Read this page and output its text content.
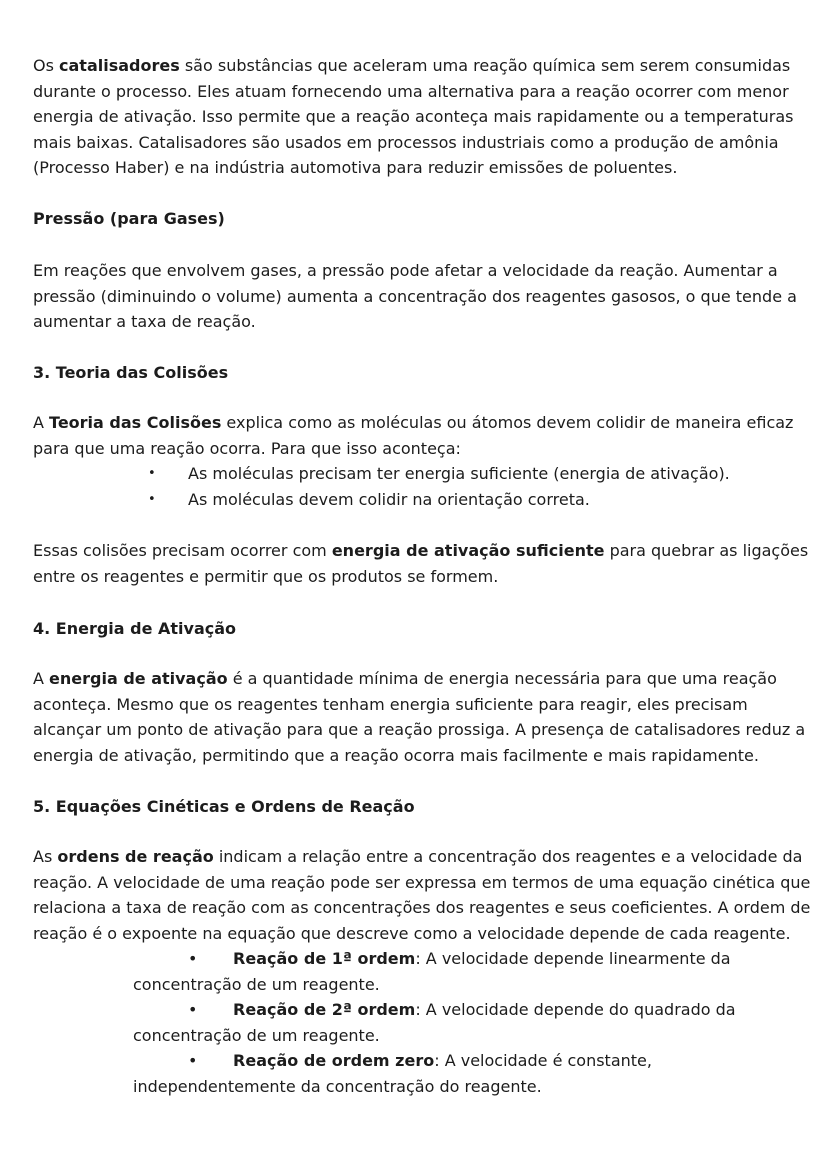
Os catalisadores são substâncias que aceleram uma reação química sem serem consumidas durante o processo. Eles atuam fornecendo uma alternativa para a reação ocorrer com menor energia de ativação. Isso permite que a reação aconteça mais rapidamente ou a temperaturas mais baixas. Catalisadores são usados em processos industriais como a produção de amônia (Processo Haber) e na indústria automotiva para reduzir emissões de poluentes.

Pressão (para Gases)

Em reações que envolvem gases, a pressão pode afetar a velocidade da reação. Aumentar a pressão (diminuindo o volume) aumenta a concentração dos reagentes gasosos, o que tende a aumentar a taxa de reação.

3. Teoria das Colisões

A Teoria das Colisões explica como as moléculas ou átomos devem colidir de maneira eficaz para que uma reação ocorra. Para que isso aconteça:

• As moléculas precisam ter energia suficiente (energia de ativação).
• As moléculas devem colidir na orientação correta.

Essas colisões precisam ocorrer com energia de ativação suficiente para quebrar as ligações entre os reagentes e permitir que os produtos se formem.

4. Energia de Ativação

A energia de ativação é a quantidade mínima de energia necessária para que uma reação aconteça. Mesmo que os reagentes tenham energia suficiente para reagir, eles precisam alcançar um ponto de ativação para que a reação prossiga. A presença de catalisadores reduz a energia de ativação, permitindo que a reação ocorra mais facilmente e mais rapidamente.

5. Equações Cinéticas e Ordens de Reação

As ordens de reação indicam a relação entre a concentração dos reagentes e a velocidade da reação. A velocidade de uma reação pode ser expressa em termos de uma equação cinética que relaciona a taxa de reação com as concentrações dos reagentes e seus coeficientes. A ordem de reação é o expoente na equação que descreve como a velocidade depende de cada reagente.

•       Reação de 1ª ordem: A velocidade depende linearmente da concentração de um reagente.
•       Reação de 2ª ordem: A velocidade depende do quadrado da concentração de um reagente.
•       Reação de ordem zero: A velocidade é constante, independentemente da concentração do reagente.
